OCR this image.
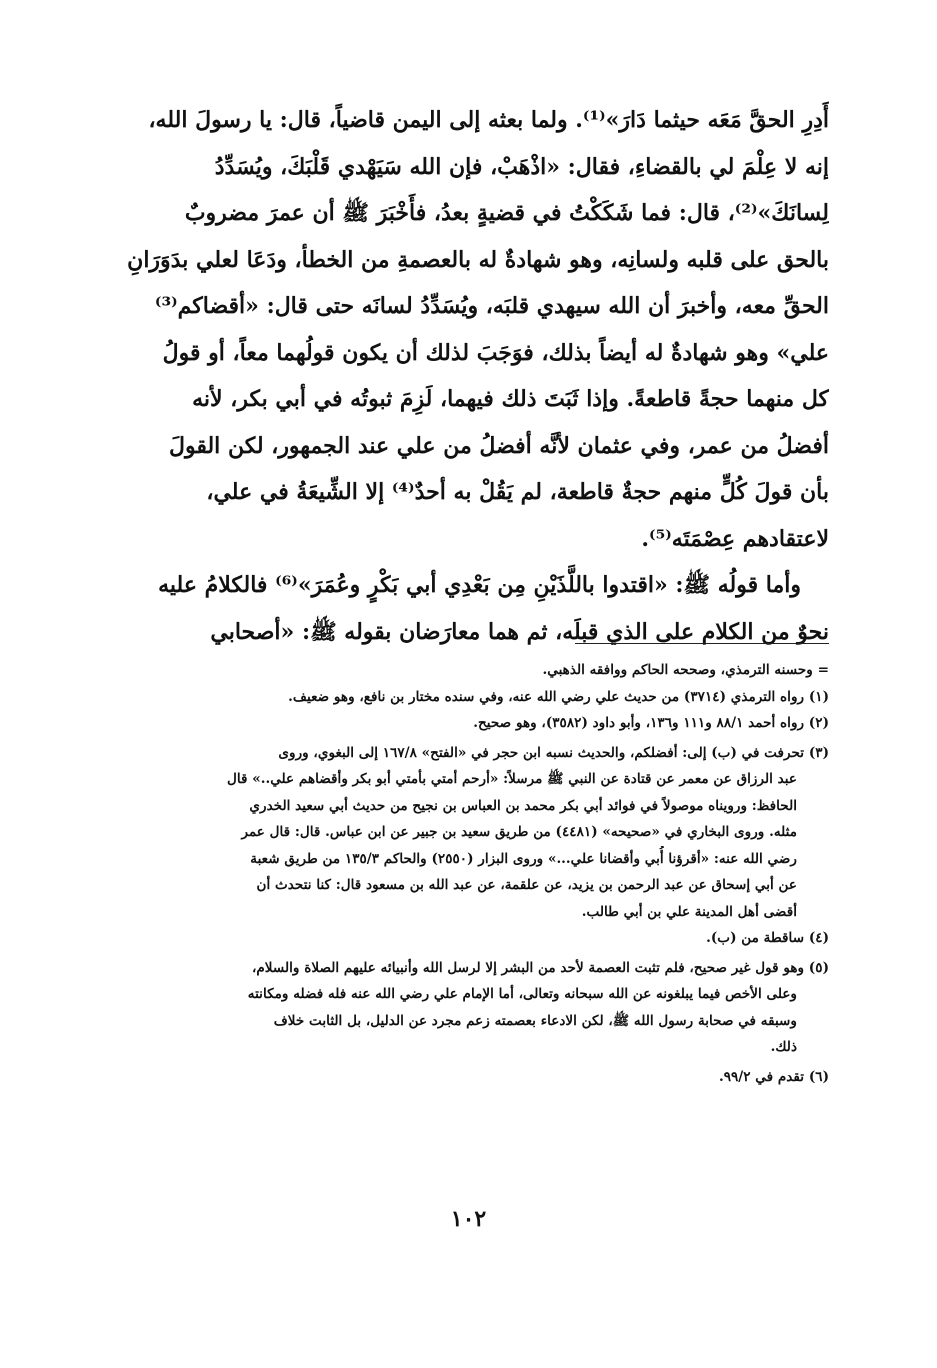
أَدِرِ الحقَّ مَعَه حيثما دَارَ»⁽¹⁾. ولما بعثه إلى اليمن قاضياً، قال: يا رسولَ الله،

إنه لا عِلْمَ لي بالقضاءِ، فقال: «اذْهَبْ، فإن الله سَيَهْدي قَلْبَكَ، ويُسَدِّدُ

لِسانَكَ»⁽²⁾، قال: فما شَكَكْتُ في قضيةٍ بعدُ، فأَخْبَرَ ﷺ أن عمرَ مضروبٌ

بالحق على قلبه ولسانِه، وهو شهادةٌ له بالعصمةِ من الخطأ، ودَعَا لعلي بدَوَرَانِ

الحقِّ معه، وأخبرَ أن الله سيهدي قلبَه، ويُسَدِّدُ لسانَه حتى قال: «أقضاكم⁽³⁾

علي» وهو شهادةٌ له أيضاً بذلك، فوَجَبَ لذلك أن يكون قولُهما معاً، أو قولُ

كل منهما حجةً قاطعةً. وإذا ثَبَتَ ذلك فيهما، لَزِمَ ثبوتُه في أبي بكر، لأنه

أفضلُ من عمر، وفي عثمان لأنَّه أفضلُ من علي عند الجمهور، لكن القولَ

بأن قولَ كُلٍّ منهم حجةٌ قاطعة، لم يَقُلْ به أحدٌ⁽⁴⁾ إلا الشِّيعَةُ في علي،

لاعتقادهم عِصْمَتَه⁽⁵⁾.

وأما قولُه ﷺ: «اقتدوا باللَّذَيْنِ مِن بَعْدِي أبي بَكْرٍ وعُمَرَ»⁽⁶⁾ فالكلامُ عليه

نحوٌ من الكلام على الذي قبلَه، ثم هما معارَضان بقوله ﷺ: «أصحابي

= وحسنه الترمذي، وصححه الحاكم ووافقه الذهبي.

(١) رواه الترمذي (٣٧١٤) من حديث علي رضي الله عنه، وفي سنده مختار بن نافع، وهو ضعيف.

(٢) رواه أحمد ٨٨/١ و١١١ و١٣٦، وأبو داود (٣٥٨٢)، وهو صحيح.

(٣) تحرفت في (ب) إلى: أفضلكم، والحديث نسبه ابن حجر في «الفتح» ١٦٧/٨ إلى البغوي، وروى

عبد الرزاق عن معمر عن قتادة عن النبي ﷺ مرسلاً: «أرحم أمتي بأمتي أبو بكر وأقضاهم علي..» قال

الحافظ: ورويناه موصولاً في فوائد أبي بكر محمد بن العباس بن نجيح من حديث أبي سعيد الخدري

مثله. وروى البخاري في «صحيحه» (٤٤٨١) من طريق سعيد بن جبير عن ابن عباس. قال: قال عمر

رضي الله عنه: «أقرؤنا أُبي وأقضانا علي...» وروى البزار (٢٥٥٠) والحاكم ١٣٥/٣ من طريق شعبة

عن أبي إسحاق عن عبد الرحمن بن يزيد، عن علقمة، عن عبد الله بن مسعود قال: كنا نتحدث أن

أقضى أهل المدينة علي بن أبي طالب.

(٤) ساقطة من (ب).

(٥) وهو قول غير صحيح، فلم تثبت العصمة لأحد من البشر إلا لرسل الله وأنبيائه عليهم الصلاة والسلام،

وعلى الأخص فيما يبلغونه عن الله سبحانه وتعالى، أما الإمام علي رضي الله عنه فله فضله ومكانته

وسبقه في صحابة رسول الله ﷺ، لكن الادعاء بعصمته زعم مجرد عن الدليل، بل الثابت خلاف

ذلك.

(٦) تقدم في ٩٩/٢.

١٠٢
